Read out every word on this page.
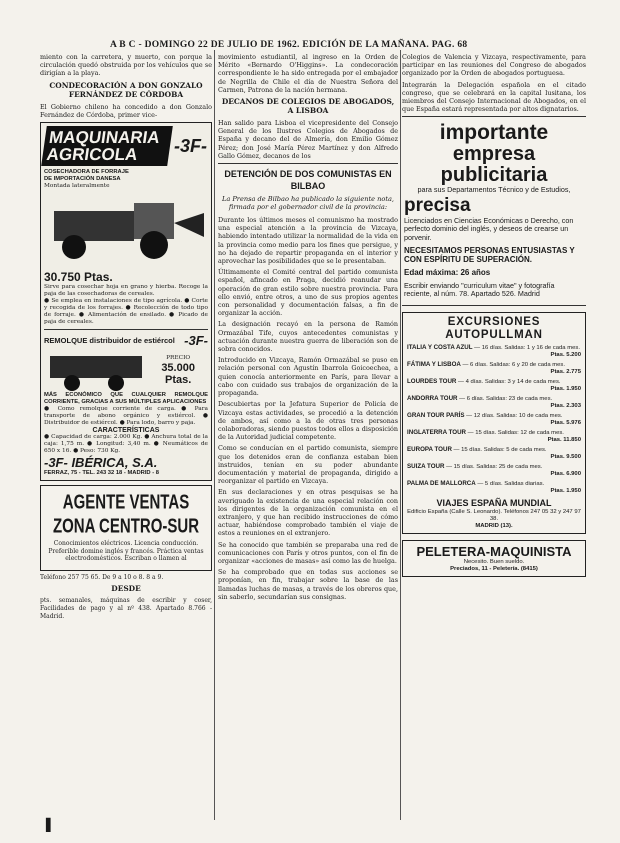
A B C - DOMINGO 22 DE JULIO DE 1962. EDICIÓN DE LA MAÑANA. PAG. 68

miento con la carretera, y muerto, con porque la circulación quedó obstruida por los vehículos que se dirigían a la playa.

CONDECORACIÓN A DON GONZALO FERNÁNDEZ DE CÓRDOBA

El Gobierno chileno ha concedido a don Gonzalo Fernández de Córdoba, primer vice-

MAQUINARIA AGRICOLA	-3F-

COSECHADORA DE FORRAJE

DE IMPORTACIÓN DANESA

Montada lateralmente

30.750 Ptas.

Sirve para cosechar hoja en grano y hierba. Recoge la paja de las cosechadoras de cereales.

● Se emplea en instalaciones de tipo agrícola. ● Corte y recogida de los forrajes. ● Recolección de todo tipo de forraje. ● Alimentación de ensilado. ● Picado de paja de cereales.

REMOLQUE distribuidor de estiércol -3F-
PRECIO
35.000 Ptas.

MÁS ECONÓMICO QUE CUALQUIER REMOLQUE CORRIENTE, GRACIAS A SUS MÚLTIPLES APLICACIONES

● Como remolque corriente de carga. ● Para transporte de abono orgánico y estiércol. ● Distribuidor de estiércol. ● Para lodo, barro y paja.

CARACTERÍSTICAS

● Capacidad de carga: 2.000 Kg. ● Anchura total de la caja: 1,75 m. ● Longitud: 3,40 m. ● Neumáticos de 650 x 16. ● Peso: 730 Kg.

-3F- IBÉRICA, S.A.
FERRAZ, 75 - TEL. 243 32 18 - MADRID - 8
AGENTE VENTAS
ZONA CENTRO-SUR

Conocimientos eléctricos. Licencia conducción. Preferible domine inglés y francés. Práctica ventas electrodomésticos. Escriban o llamen al

Teléfono 257 75 65. De 9 a 10 o 8. 8 a 9.

DESDE

pts. semanales, máquinas de escribir y coser, Facilidades de pago y al nº 438. Apartado 8.766 - Madrid.

movimiento estudiantil, al ingreso en la Orden de Mérito «Bernardo O'Higgins». La condecoración correspondiente le ha sido entregada por el embajador de Negrilla de Chile el día de Nuestra Señora del Carmen, Patrona de la nación hermana.

DECANOS DE COLEGIOS DE ABOGADOS, A LISBOA

Han salido para Lisboa el vicepresidente del Consejo General de los Ilustres Colegios de Abogados de España y decano del de Almería, don Emilio Gómez Pérez; don José María Pérez Martínez y don Alfredo Gallo Gómez, decanos de los

DETENCIÓN DE DOS COMUNISTAS EN BILBAO
La Prensa de Bilbao ha publicado la siguiente nota, firmada por el gobernador civil de la provincia:

Durante los últimos meses el comunismo ha mostrado una especial atención a la provincia de Vizcaya, habiendo intentado utilizar la normalidad de la vida en la provincia como medio para los fines que persigue, y no ha dejado de repartir propaganda en el interior y aprovechar las posibilidades que se le presentaban.

Últimamente el Comité central del partido comunista español, afincado en Praga, decidió reanudar una operación de gran estilo sobre nuestra provincia. Para ello envió, entre otros, a uno de sus propios agentes con personalidad y documentación falsas, a fin de organizar la acción.

La designación recayó en la persona de Ramón Ormazábal Tife, cuyos antecedentes comunistas y actuación durante nuestra guerra de liberación son de sobra conocidos.

Introducido en Vizcaya, Ramón Ormazábal se puso en relación personal con Agustín Ibarrola Goicoechea, a quien conocía anteriormente en París, para llevar a cabo con cuidado sus trabajos de organización de la propaganda.

Descubiertas por la Jefatura Superior de Policía de Vizcaya estas actividades, se procedió a la detención de ambos, así como a la de otras tres personas colaboradoras, siendo puestos todos ellos a disposición de la Autoridad judicial competente.

Como se conducían en el partido comunista, siempre que los detenidos eran de confianza estaban bien instruidos, tenían en su poder abundante documentación y material de propaganda, dirigido a reorganizar el partido en Vizcaya.

En sus declaraciones y en otras pesquisas se ha averiguado la existencia de una especial relación con los dirigentes de la organización comunista en el extranjero, y que han recibido instrucciones de cómo actuar, habiéndose comprobado también el viaje de estos a reuniones en el extranjero.

Se ha conocido que también se preparaba una red de comunicaciones con París y otros puntos, con el fin de organizar «acciones de masas» así como las de huelga.

Se ha comprobado que en todas sus acciones se proponían, en fin, trabajar sobre la base de las llamadas luchas de masas, a través de los obreros que, sin saberlo, secundarían sus consignas.

Colegios de Valencia y Vizcaya, respectivamente, para participar en las reuniones del Congreso de abogados organizado por la Orden de abogados portuguesa.

Integrarán la Delegación española en el citado congreso, que se celebrará en la capital lusitana, los miembros del Consejo Internacional de Abogados, en el que España estará representada por altos dignatarios.

importante
empresa
publicitaria
para sus Departamentos Técnico y de Estudios,
precisa
Licenciados en Ciencias Económicas o Derecho, con perfecto dominio del inglés, y deseos de crearse un porvenir.
NECESITAMOS PERSONAS ENTUSIASTAS Y CON ESPÍRITU DE SUPERACIÓN.
Edad máxima: 26 años
Escribir enviando "curriculum vitae" y fotografía reciente, al núm. 78. Apartado 526. Madrid
EXCURSIONES AUTOPULLMAN
ITALIA Y COSTA AZUL — 16 días. Salidas: 1 y 16 de cada mes.
Ptas. 5.200
FÁTIMA Y LISBOA — 6 días. Salidas: 6 y 20 de cada mes.
Ptas. 2.775
LOURDES TOUR — 4 días. Salidas: 3 y 14 de cada mes.
Ptas. 1.950
ANDORRA TOUR — 6 días. Salidas: 23 de cada mes.
Ptas. 2.303
GRAN TOUR PARÍS — 12 días. Salidas: 10 de cada mes.
Ptas. 5.976
INGLATERRA TOUR — 15 días. Salidas: 12 de cada mes.
Ptas. 11.850
EUROPA TOUR — 15 días. Salidas: 5 de cada mes.
Ptas. 9.500
SUIZA TOUR — 15 días. Salidas: 25 de cada mes.
Ptas. 6.900
PALMA DE MALLORCA — 5 días. Salidas diarias.
Ptas. 1.950
VIAJES ESPAÑA MUNDIAL
Edificio España (Calle S. Leonardo). Teléfonos 247 05 32 y 247 97 38.
MADRID (13).
PELETERA-MAQUINISTA
Necesito. Buen sueldo.
Preciados, 11 - Peletería. (8415)
▌
